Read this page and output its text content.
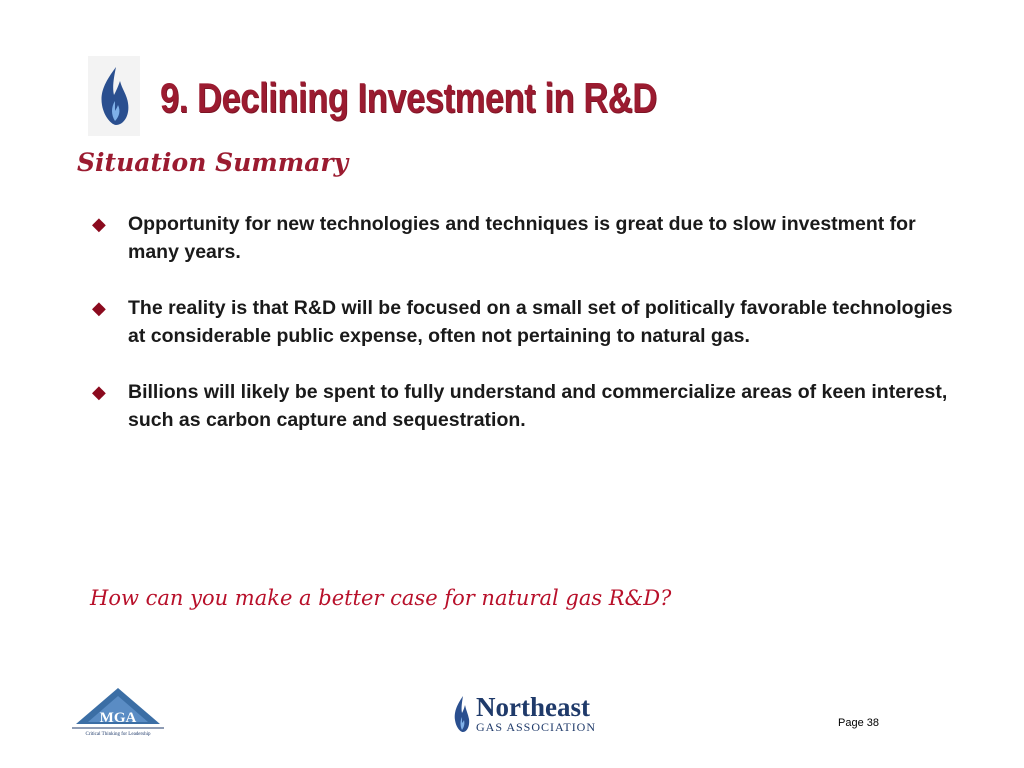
9. Declining Investment in R&D
Situation Summary
◆	Opportunity for new technologies and techniques is great due to slow investment for many years.
◆	The reality is that R&D will be focused on a small set of politically favorable technologies at considerable public expense, often not pertaining to natural gas.
◆	Billions will likely be spent to fully understand and commercialize areas of keen interest, such as carbon capture and sequestration.

How can you make a better case for natural gas R&D?

MGA
Critical Thinking for Leadership
Northeast
GAS ASSOCIATION	Page 38
